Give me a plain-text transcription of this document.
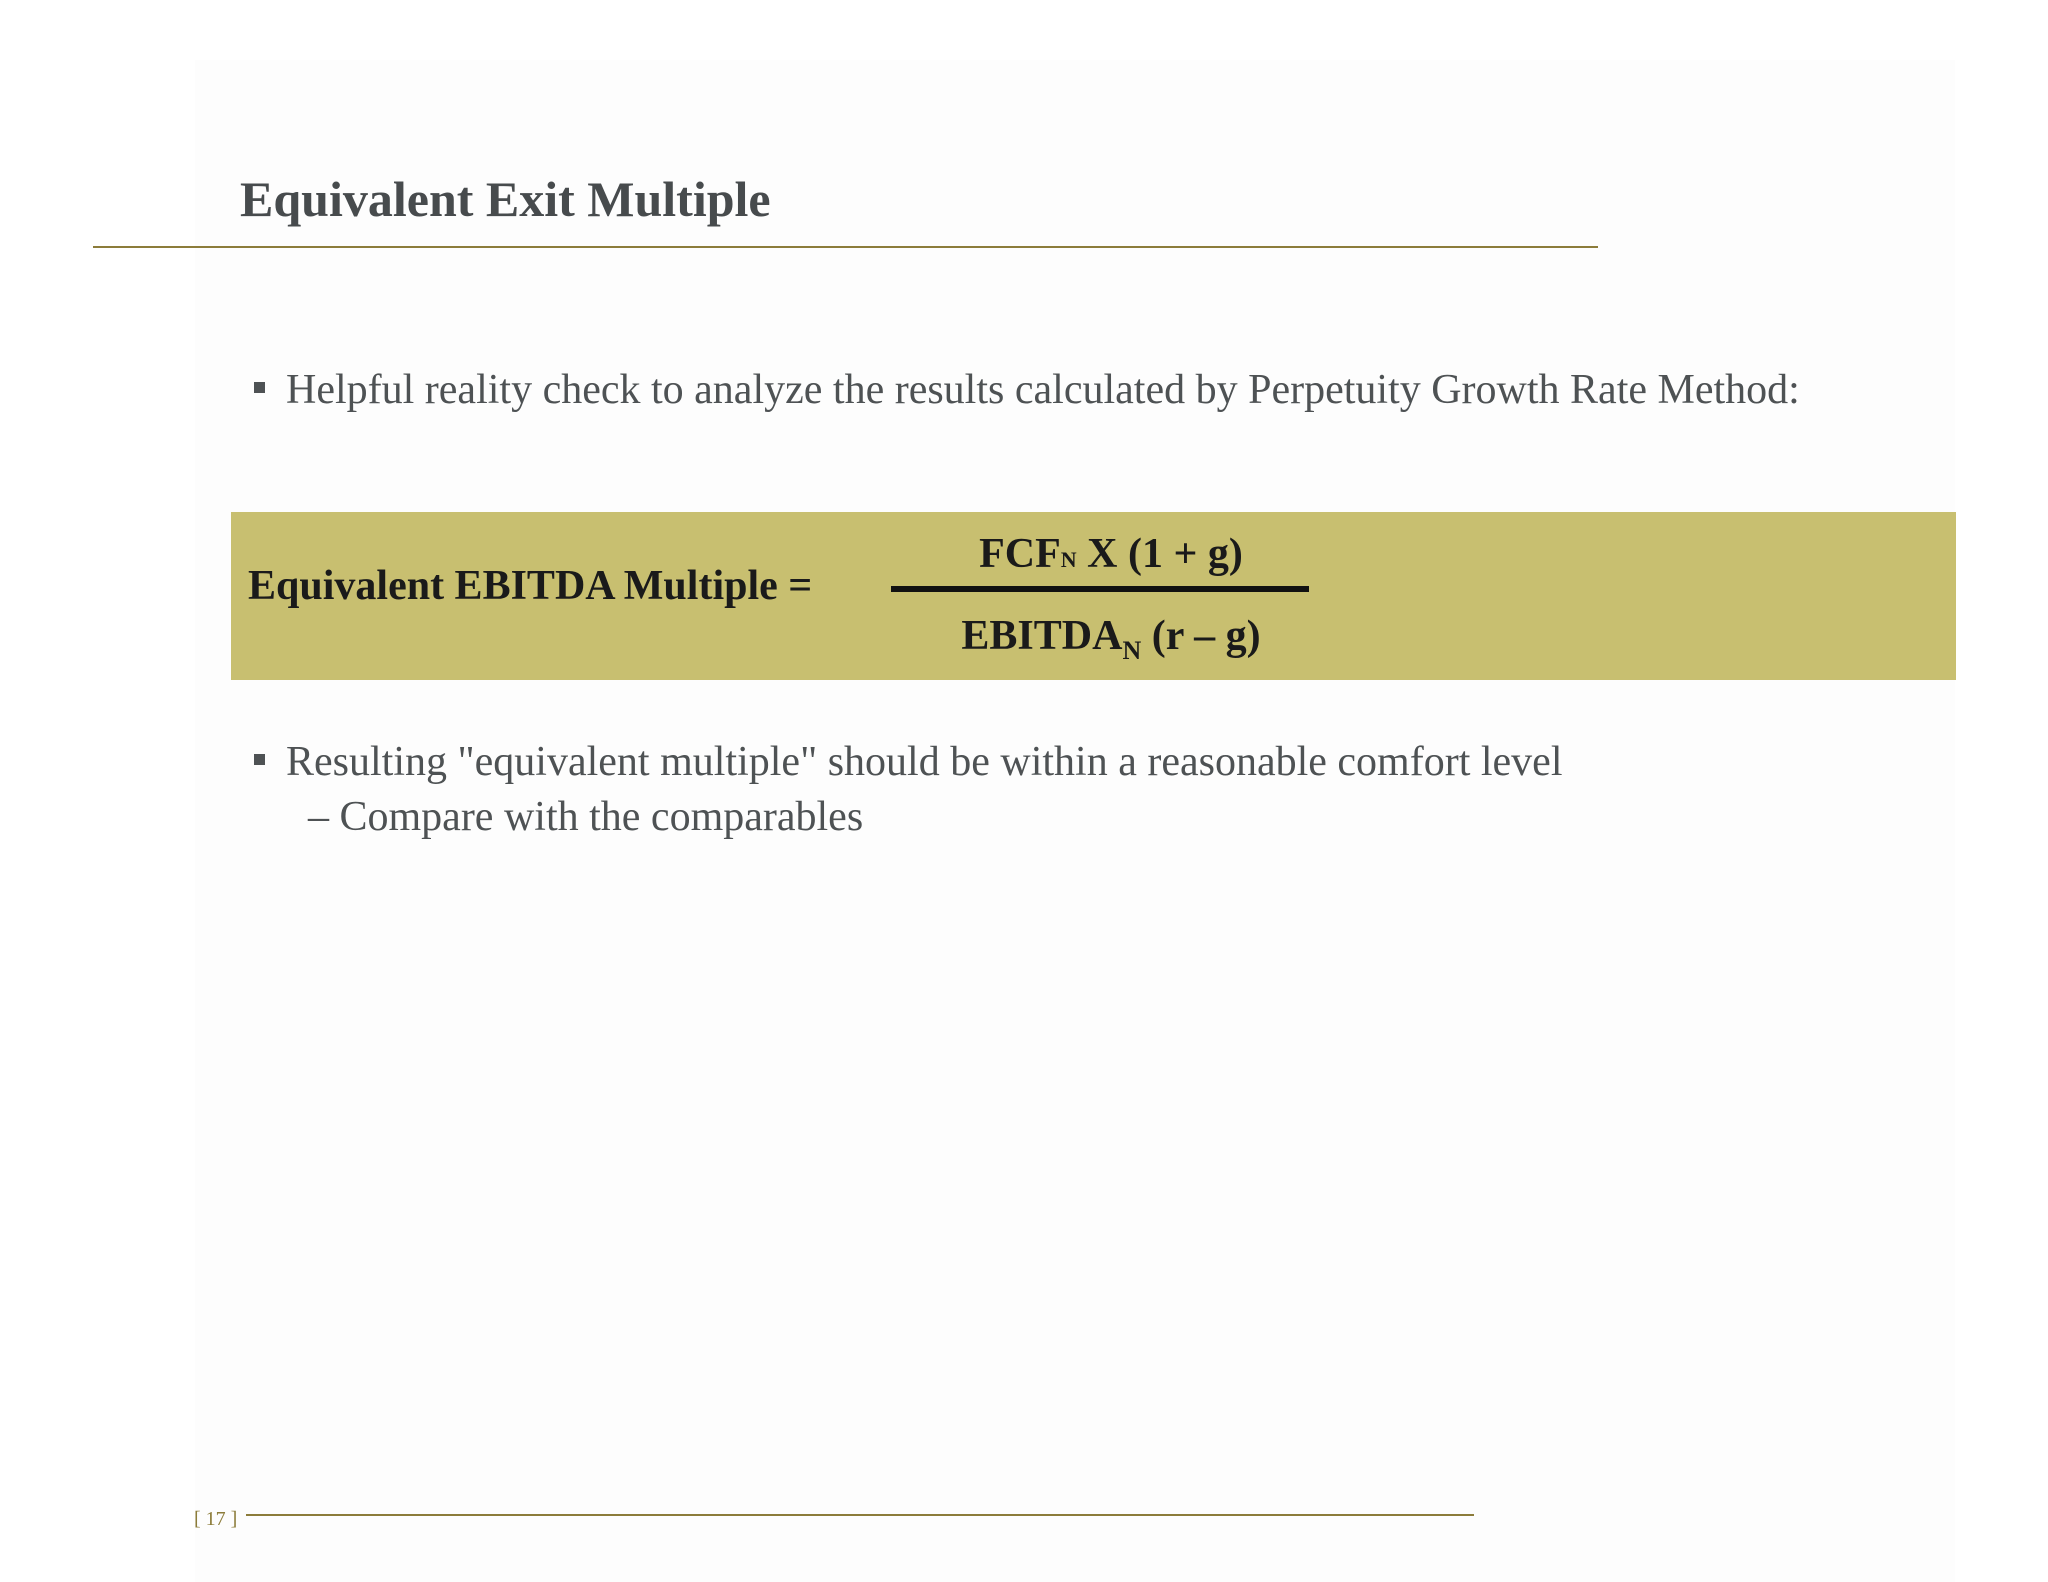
Equivalent Exit Multiple
Helpful reality check to analyze the results calculated by Perpetuity Growth Rate Method:
Equivalent EBITDA Multiple =
FCFN X (1 + g)
$EBITDA_N$ (r – g)
Resulting "equivalent multiple" should be within a reasonable comfort level
– Compare with the comparables
[ 17 ]
